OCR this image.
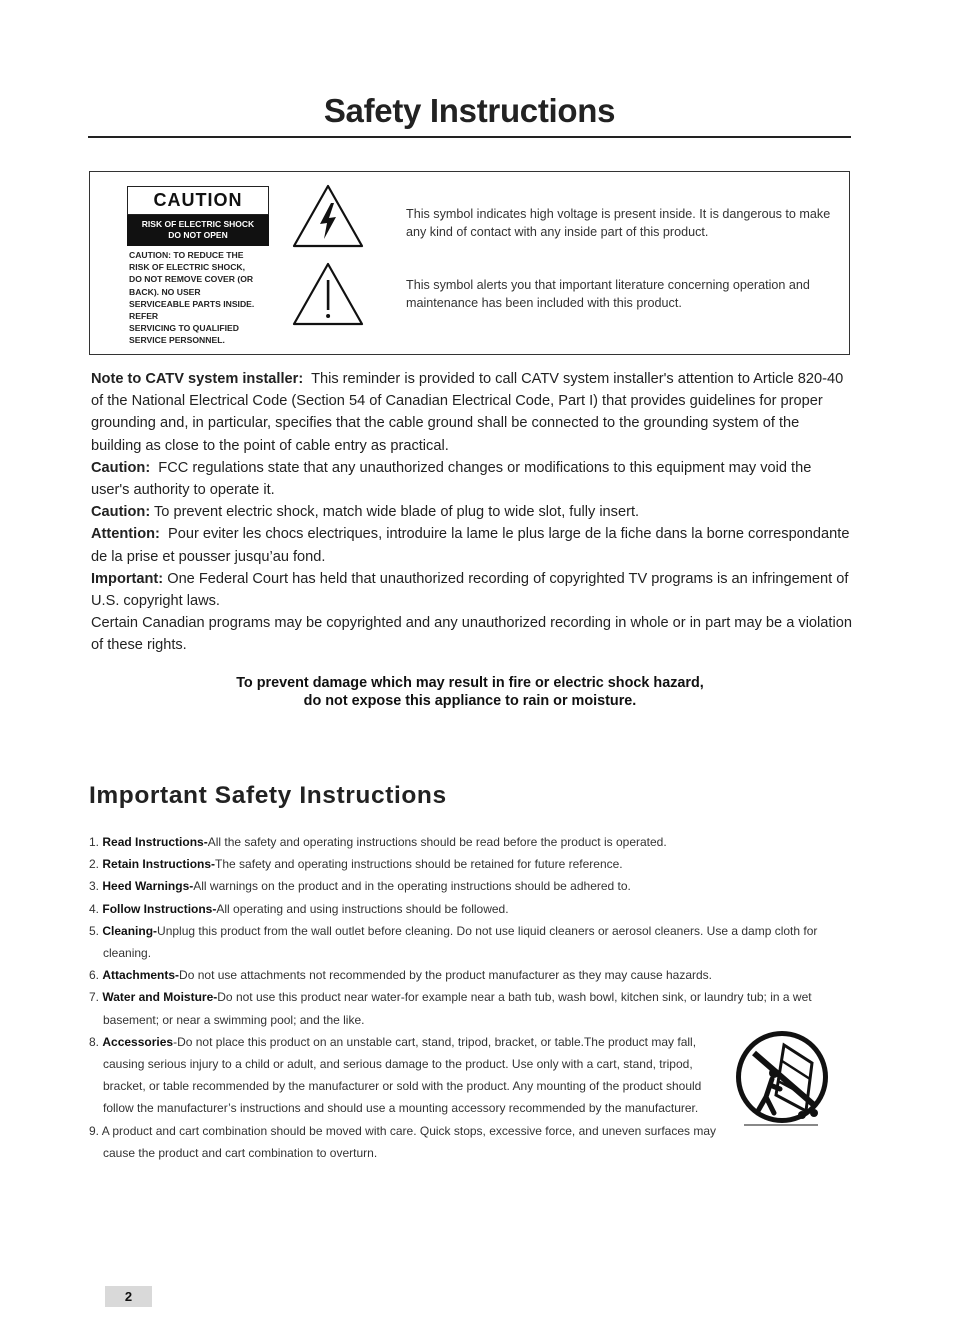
Safety Instructions
CAUTION
RISK OF ELECTRIC SHOCK
DO NOT OPEN
CAUTION: TO REDUCE THE
RISK OF ELECTRIC SHOCK,
DO NOT REMOVE COVER (OR
BACK). NO USER
SERVICEABLE PARTS INSIDE.
REFER
SERVICING TO QUALIFIED
SERVICE PERSONNEL.
This symbol indicates high voltage is present inside. It is dangerous to make any kind of contact with any inside part of this product.
This symbol alerts you that important literature concerning operation and maintenance has been included with this product.

Note to CATV system installer: This reminder is provided to call CATV system installer's attention to Article 820-40 of the National Electrical Code (Section 54 of Canadian Electrical Code, Part I) that provides guidelines for proper grounding and, in particular, specifies that the cable ground shall be connected to the grounding system of the building as close to the point of cable entry as practical.

Caution: FCC regulations state that any unauthorized changes or modifications to this equipment may void the user's authority to operate it.

Caution: To prevent electric shock, match wide blade of plug to wide slot, fully insert.

Attention: Pour eviter les chocs electriques, introduire la lame le plus large de la fiche dans la borne correspondante de la prise et pousser jusqu’au fond.

Important: One Federal Court has held that unauthorized recording of copyrighted TV programs is an infringement of U.S. copyright laws.

Certain Canadian programs may be copyrighted and any unauthorized recording in whole or in part may be a violation of these rights.

To prevent damage which may result in fire or electric shock hazard,
do not expose this appliance to rain or moisture.
Important Safety Instructions
1. Read Instructions-All the safety and operating instructions should be read before the product is operated.
2. Retain Instructions-The safety and operating instructions should be retained for future reference.
3. Heed Warnings-All warnings on the product and in the operating instructions should be adhered to.
4. Follow Instructions-All operating and using instructions should be followed.
5. Cleaning-Unplug this product from the wall outlet before cleaning. Do not use liquid cleaners or aerosol cleaners. Use a damp cloth for cleaning.
6. Attachments-Do not use attachments not recommended by the product manufacturer as they may cause hazards.
7. Water and Moisture-Do not use this product near water-for example near a bath tub, wash bowl, kitchen sink, or laundry tub; in a wet basement; or near a swimming pool; and the like.
8. Accessories-Do not place this product on an unstable cart, stand, tripod, bracket, or table.The product may fall, causing serious injury to a child or adult, and serious damage to the product. Use only with a cart, stand, tripod, bracket, or table recommended by the manufacturer or sold with the product. Any mounting of the product should follow the manufacturer’s instructions and should use a mounting accessory recommended by the manufacturer.
9. A product and cart combination should be moved with care. Quick stops, excessive force, and uneven surfaces may cause the product and cart combination to overturn.
2
